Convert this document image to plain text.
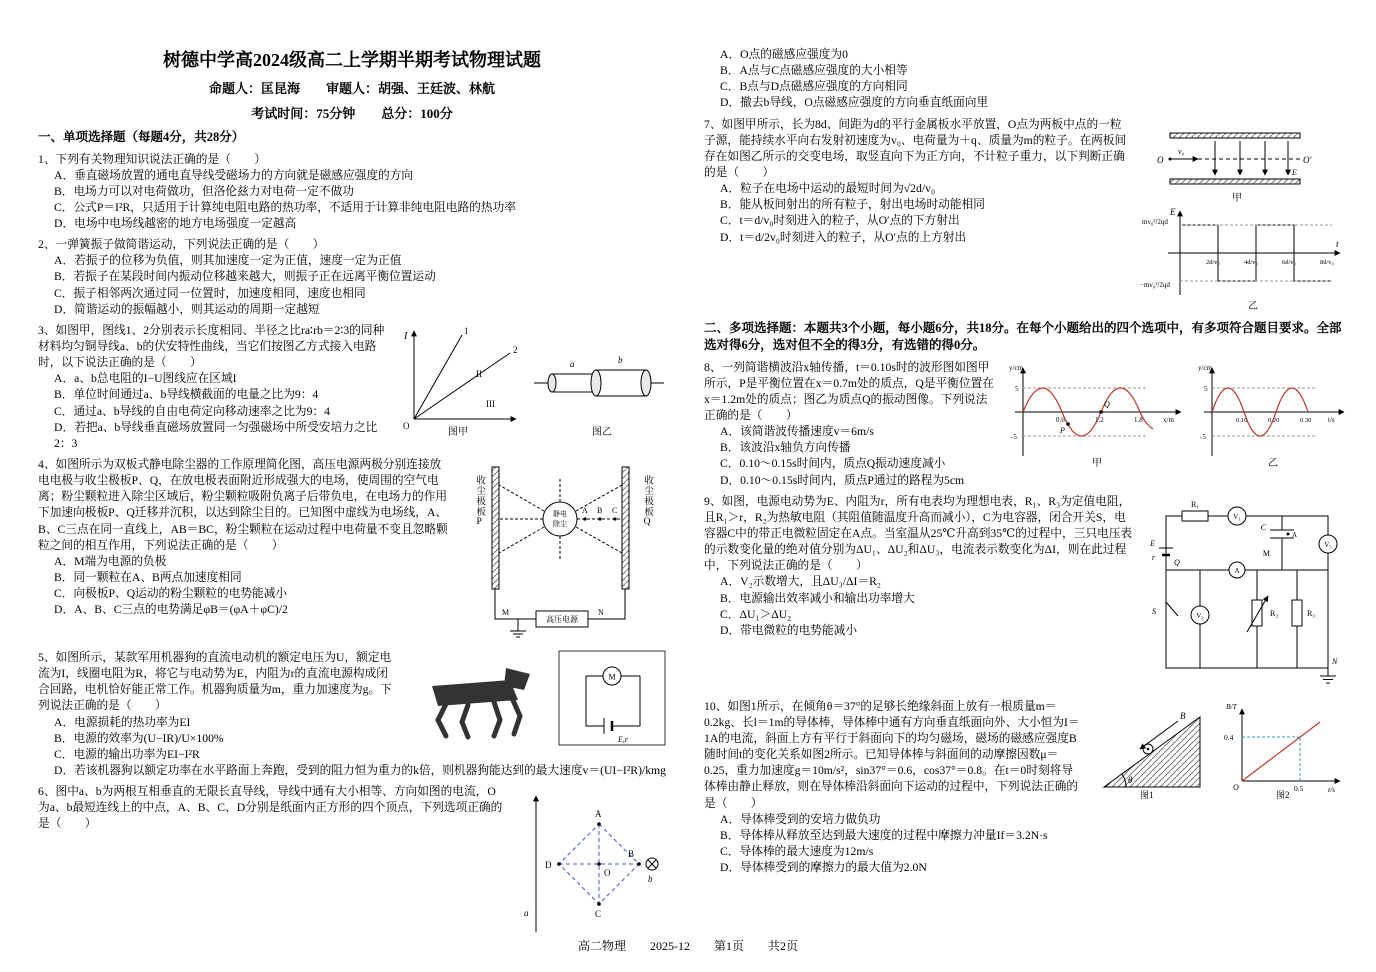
树德中学高2024级高二上学期半期考试物理试题
命题人：匡昆海　　审题人：胡强、王廷波、林航
考试时间：75分钟　　总分：100分
一、单项选择题（每题4分，共28分）

1、下列有关物理知识说法正确的是（　　）

A．垂直磁场放置的通电直导线受磁场力的方向就是磁感应强度的方向

B．电场力可以对电荷做功，但洛伦兹力对电荷一定不做功

C．公式P＝I²R，只适用于计算纯电阻电路的热功率，不适用于计算非纯电阻电路的热功率

D．电场中电场线越密的地方电场强度一定越高

2、一弹簧振子做简谐运动，下列说法正确的是（　　）

A．若振子的位移为负值，则其加速度一定为正值，速度一定为正值

B．若振子在某段时间内振动位移越来越大，则振子正在远离平衡位置运动

C．振子相邻两次通过同一位置时，加速度相同，速度也相同

D．简谐运动的振幅越小，则其运动的周期一定越短

I	1
2
II
III
O
图甲
a	b
图乙

3、如图甲，图线1、2分别表示长度相同、半径之比ra∶rb＝2∶3的同种材料均匀铜导线a、b的伏安特性曲线，当它们按图乙方式接入电路时，以下说法正确的是（　　）

A．a、b总电阻的I−U图线应在区域I

B．单位时间通过a、b导线横截面的电量之比为9：4

C．通过a、b导线的自由电荷定向移动速率之比为9：4

D．若把a、b导线垂直磁场放置同一匀强磁场中所受安培力之比2：3

静电
除尘
A B C
高压电源
M	N
收尘极板P	收尘极板Q

4、如图所示为双板式静电除尘器的工作原理简化图，高压电源两极分别连接放电电极与收尘极板P、Q，在放电极表面附近形成强大的电场，使周围的空气电离；粉尘颗粒进入除尘区域后，粉尘颗粒吸附负离子后带负电，在电场力的作用下加速向极板P、Q迁移并沉积，以达到除尘目的。已知图中虚线为电场线，A、B、C三点在同一直线上，AB＝BC，粉尘颗粒在运动过程中电荷量不变且忽略颗粒之间的相互作用，下列说法正确的是（　　）

A．M端为电源的负极

B．同一颗粒在A、B两点加速度相同

C．向极板P、Q运动的粉尘颗粒的电势能减小

D．A、B、C三点的电势满足φB＝(φA＋φC)/2

M
E,r

5、如图所示，某款军用机器狗的直流电动机的额定电压为U，额定电流为I，线圈电阻为R，将它与电动势为E，内阻为r的直流电源构成闭合回路，电机恰好能正常工作。机器狗质量为m，重力加速度为g。下列说法正确的是（　　）

A．电源损耗的热功率为EI

B．电源的效率为(U−IR)/U×100%

C．电源的输出功率为EI−I²R

D．若该机器狗以额定功率在水平路面上奔跑，受到的阻力恒为重力的k倍，则机器狗能达到的最大速度v＝(UI−I²R)/kmg

a
A
B
C
D
O
b

6、图中a、b为两根互相垂直的无限长直导线，导线中通有大小相等、方向如图的电流，O为a、b最短连线上的中点，A、B、C、D分别是纸面内正方形的四个顶点，下列选项正确的是（　　）

A．O点的磁感应强度为0

B．A点与C点磁感应强度的大小相等

C．B点与D点磁感应强度的方向相同

D．撤去b导线，O点磁感应强度的方向垂直纸面向里

O
v₀
O′
E
甲
E
t
mv₀²/2qd
−mv₀²/2qd
2d/v₀	4d/v₀	6d/v₀	8d/v₀
乙

7、如图甲所示，长为8d、间距为d的平行金属板水平放置，O点为两板中点的一粒子源，能持续水平向右发射初速度为v₀、电荷量为＋q、质量为m的粒子。在两板间存在如图乙所示的交变电场，取竖直向下为正方向，不计粒子重力，以下判断正确的是（　　）

A．粒子在电场中运动的最短时间为√2d/v₀

B．能从板间射出的所有粒子，射出电场时动能相同

C．t＝d/v₀时刻进入的粒子，从O′点的下方射出

D．t＝d/2v₀时刻进入的粒子，从O′点的上方射出

二、多项选择题：本题共3个小题，每小题6分，共18分。在每个小题给出的四个选项中，有多项符合题目要求。全部选对得6分，选对但不全的得3分，有选错的得0分。
y/cm
x/m
5
-5
0.6	1.2	1.8
P
Q
甲
y/cm
t/s
5
-5
0.10	0.20	0.30
乙

8、一列简谐横波沿x轴传播，t＝0.10s时的波形图如图甲所示，P是平衡位置在x＝0.7m处的质点，Q是平衡位置在x＝1.2m处的质点；图乙为质点Q的振动图像。下列说法正确的是（　　）

A．该简谐波传播速度v＝6m/s

B．该波沿x轴负方向传播

C．0.10～0.15s时间内，质点Q振动速度减小

D．0.10～0.15s时间内，质点P通过的路程为5cm

R₁
V₁
C
A
M
V₃
E
r
Q
S
A
V₂	R₂	R₃
N

9、如图，电源电动势为E、内阻为r，所有电表均为理想电表，R₁、R₃为定值电阻，且R₁＞r，R₂为热敏电阻（其阻值随温度升高而减小），C为电容器，闭合开关S，电容器C中的带正电微粒固定在A点。当室温从25℃升高到35℃的过程中，三只电压表的示数变化量的绝对值分别为ΔU₁、ΔU₂和ΔU₃，电流表示数变化为ΔI，则在此过程中，下列说法正确的是（　　）

A．V₂示数增大，且ΔU₃/ΔI＝R₂

B．电源输出效率减小和输出功率增大

C．ΔU₁＞ΔU₂

D．带电微粒的电势能减小

B
θ
图1
B/T
t/s
O
0.4
0.5
图2

10、如图1所示，在倾角θ＝37°的足够长绝缘斜面上放有一根质量m＝0.2kg、长l＝1m的导体棒，导体棒中通有方向垂直纸面向外、大小恒为I＝1A的电流，斜面上方有平行于斜面向下的均匀磁场，磁场的磁感应强度B随时间t的变化关系如图2所示。已知导体棒与斜面间的动摩擦因数μ＝0.25，重力加速度g＝10m/s²，sin37°＝0.6，cos37°＝0.8。在t＝0时刻将导体棒由静止释放，则在导体棒沿斜面向下运动的过程中，下列说法正确的是（　　）

A．导体棒受到的安培力做负功

B．导体棒从释放至达到最大速度的过程中摩擦力冲量If＝3.2N·s

C．导体棒的最大速度为12m/s

D．导体棒受到的摩擦力的最大值为2.0N

高二物理　　2025-12　　第1页　　共2页
